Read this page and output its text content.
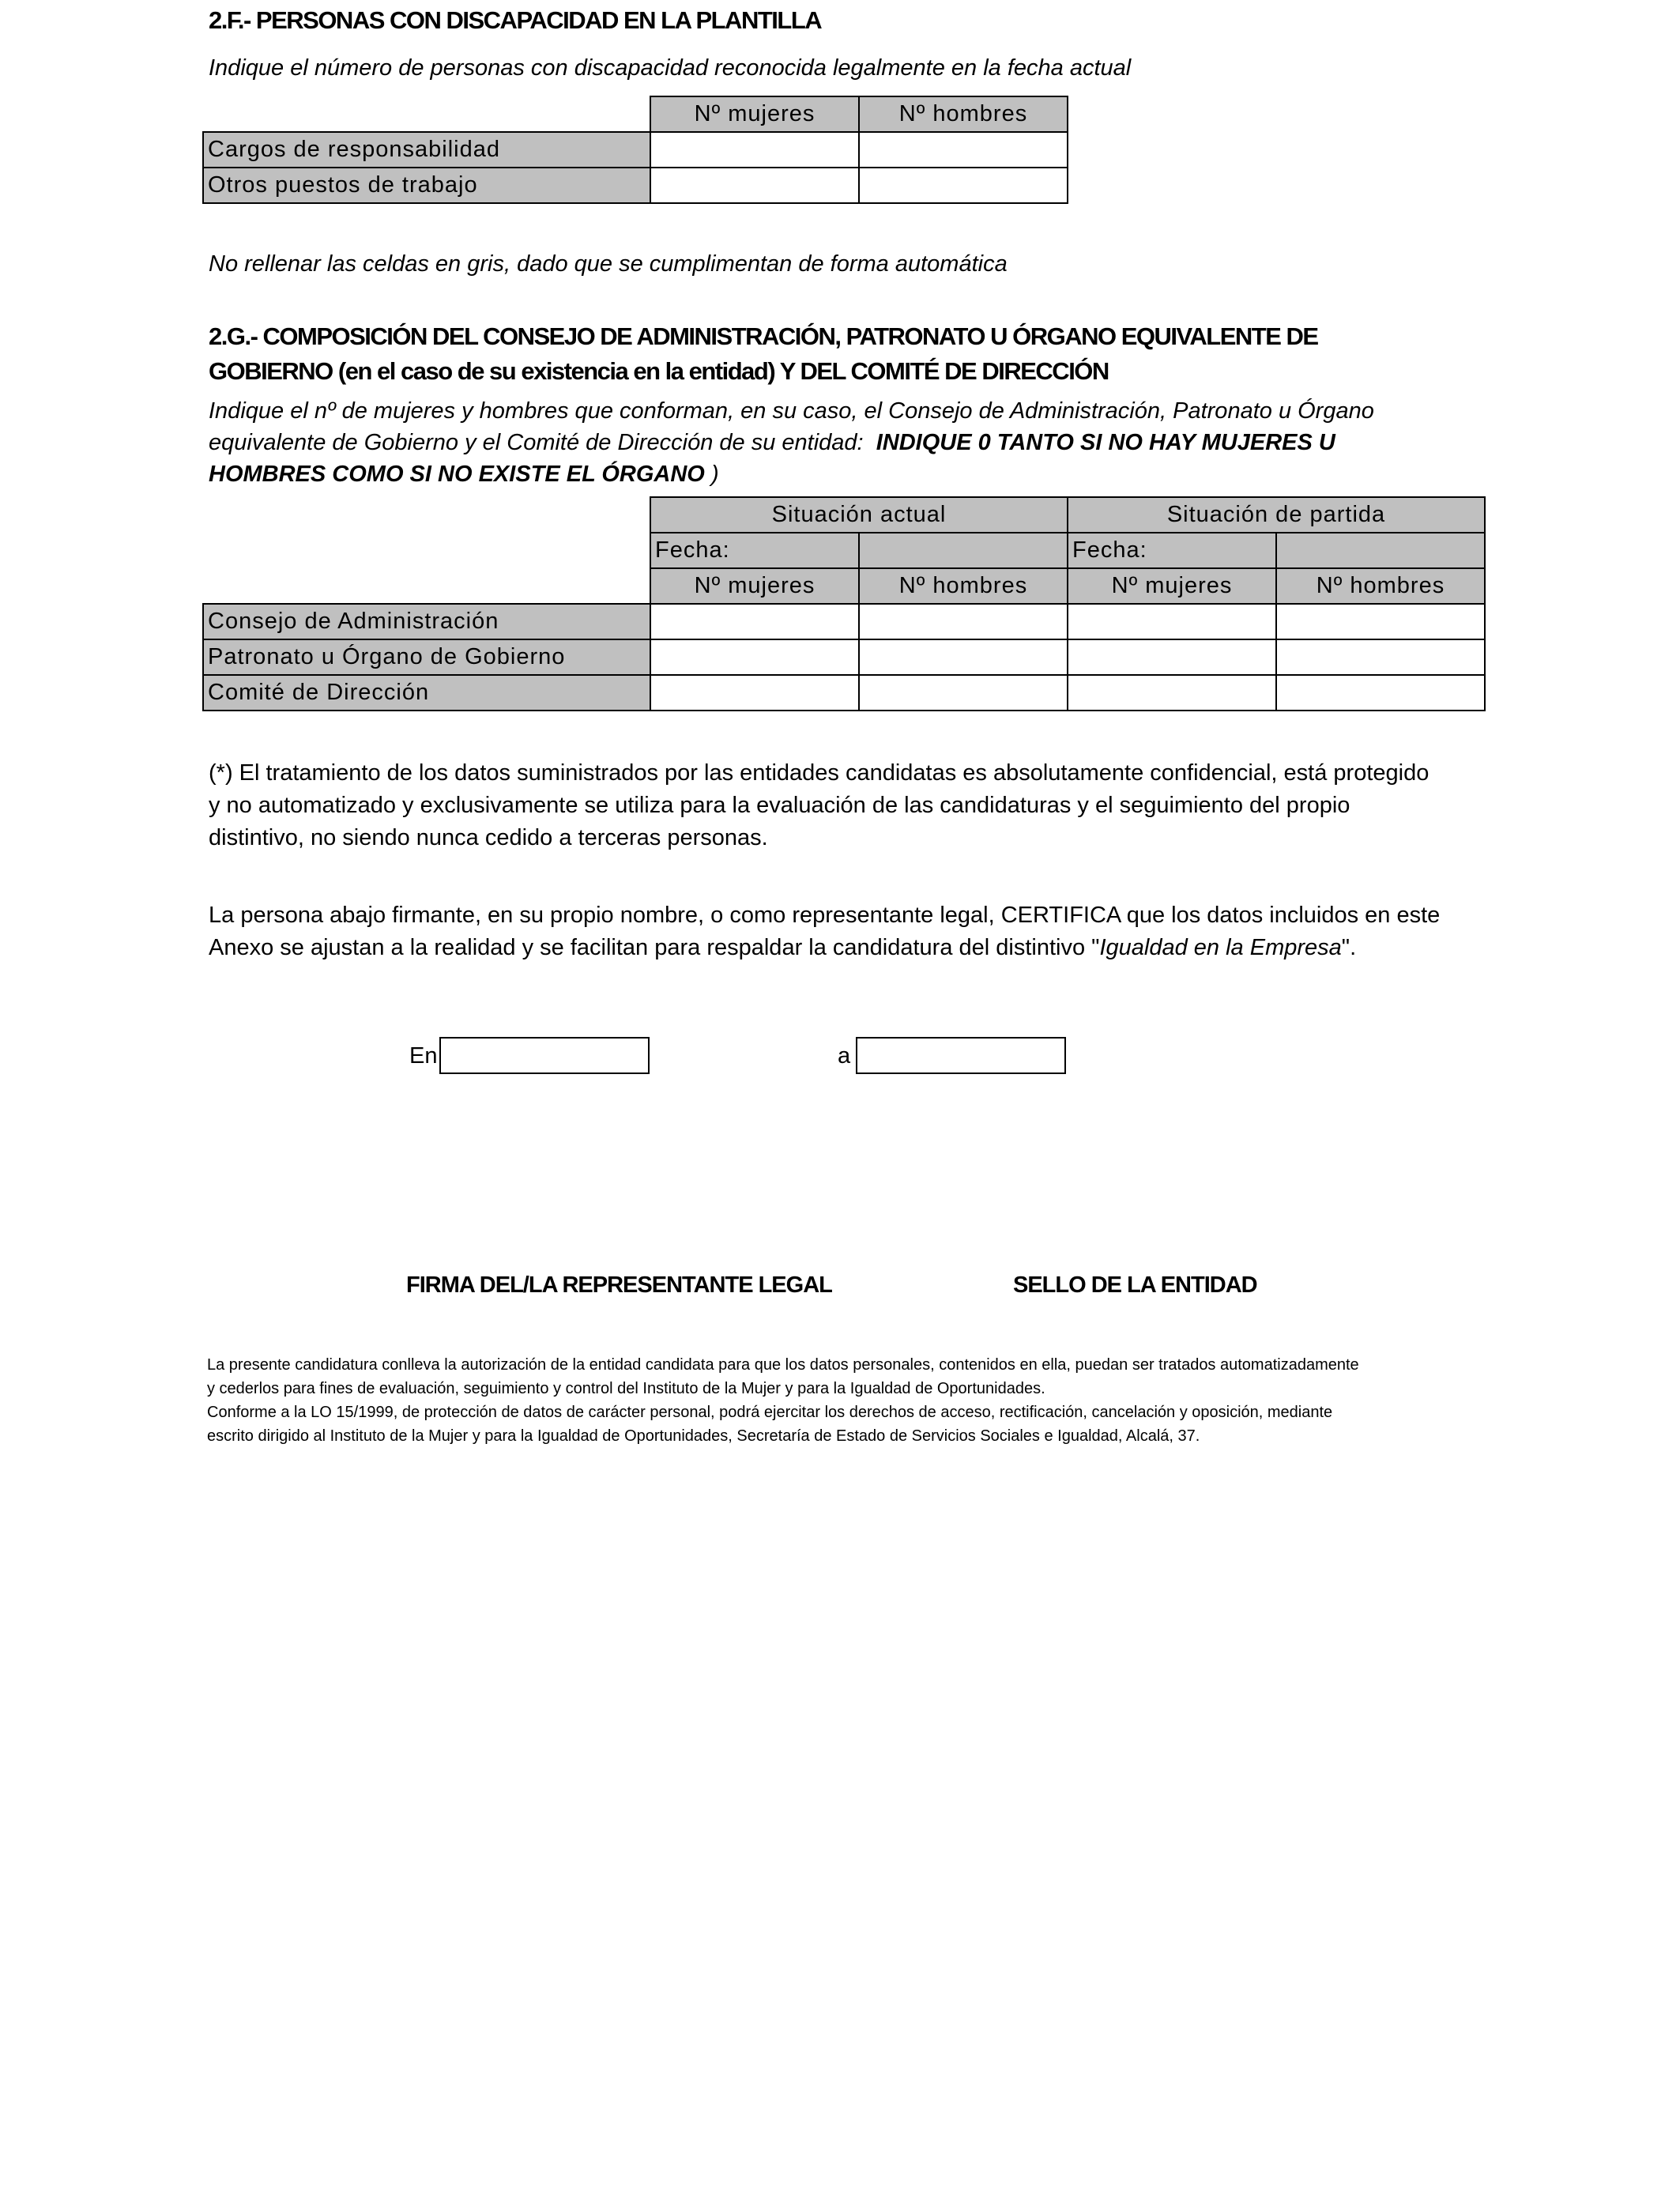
2.F.- PERSONAS CON DISCAPACIDAD EN LA PLANTILLA
Indique el número de personas con discapacidad reconocida legalmente en la fecha actual
	Nº mujeres	Nº hombres
Cargos de responsabilidad		
Otros puestos de trabajo		
No rellenar las celdas en gris, dado que se cumplimentan de forma automática
2.G.- COMPOSICIÓN DEL CONSEJO DE ADMINISTRACIÓN, PATRONATO U ÓRGANO EQUIVALENTE DE
GOBIERNO (en el caso de su existencia en la entidad) Y DEL COMITÉ DE DIRECCIÓN
Indique el nº de mujeres y hombres que conforman, en su caso, el Consejo de Administración, Patronato u Órgano
equivalente de Gobierno y el Comité de Dirección de su entidad: INDIQUE 0 TANTO SI NO HAY MUJERES U
HOMBRES COMO SI NO EXISTE EL ÓRGANO )
	Situación actual		Situación de partida	
	Fecha:		Fecha:	
	Nº mujeres	Nº hombres	Nº mujeres	Nº hombres
Consejo de Administración				
Patronato u Órgano de Gobierno				
Comité de Dirección				
(*) El tratamiento de los datos suministrados por las entidades candidatas es absolutamente confidencial, está protegido
y no automatizado y exclusivamente se utiliza para la evaluación de las candidaturas y el seguimiento del propio
distintivo, no siendo nunca cedido a terceras personas.
La persona abajo firmante, en su propio nombre, o como representante legal, CERTIFICA que los datos incluidos en este
Anexo se ajustan a la realidad y se facilitan para respaldar la candidatura del distintivo "Igualdad en la Empresa".
En	a
FIRMA DEL/LA REPRESENTANTE LEGAL	SELLO DE LA ENTIDAD
La presente candidatura conlleva la autorización de la entidad candidata para que los datos personales, contenidos en ella, puedan ser tratados automatizadamente
y cederlos para fines de evaluación, seguimiento y control del Instituto de la Mujer y para la Igualdad de Oportunidades.
Conforme a la LO 15/1999, de protección de datos de carácter personal, podrá ejercitar los derechos de acceso, rectificación, cancelación y oposición, mediante
escrito dirigido al Instituto de la Mujer y para la Igualdad de Oportunidades, Secretaría de Estado de Servicios Sociales e Igualdad, Alcalá, 37.
